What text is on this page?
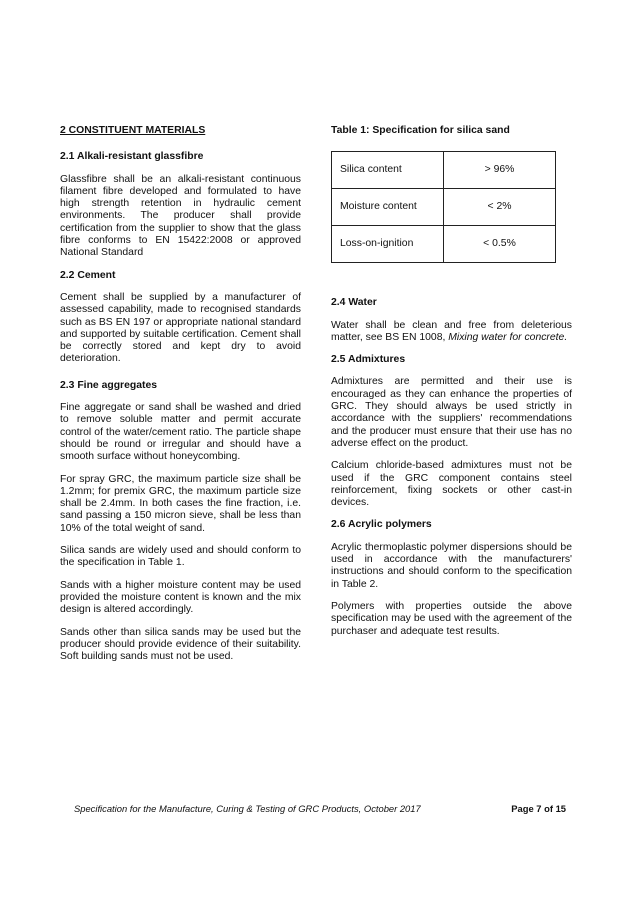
2 CONSTITUENT MATERIALS
2.1 Alkali-resistant glassfibre

Glassfibre shall be an alkali-resistant continuous filament fibre developed and formulated to have high strength retention in hydraulic cement environments. The producer shall provide certification from the supplier to show that the glass fibre conforms to EN 15422:2008 or approved National Standard

2.2 Cement

Cement shall be supplied by a manufacturer of assessed capability, made to recognised standards such as BS EN 197 or appropriate national standard and supported by suitable certification. Cement shall be correctly stored and kept dry to avoid deterioration.

2.3 Fine aggregates

Fine aggregate or sand shall be washed and dried to remove soluble matter and permit accurate control of the water/cement ratio. The particle shape should be round or irregular and should have a smooth surface without honeycombing.

For spray GRC, the maximum particle size shall be 1.2mm; for premix GRC, the maximum particle size shall be 2.4mm. In both cases the fine fraction, i.e. sand passing a 150 micron sieve, shall be less than 10% of the total weight of sand.

Silica sands are widely used and should conform to the specification in Table 1.

Sands with a higher moisture content may be used provided the moisture content is known and the mix design is altered accordingly.

Sands other than silica sands may be used but the producer should provide evidence of their suitability. Soft building sands must not be used.

Table 1: Specification for silica sand
Silica content	> 96%
Moisture content	< 2%
Loss-on-ignition	< 0.5%
2.4 Water

Water shall be clean and free from deleterious matter, see BS EN 1008, Mixing water for concrete.

2.5 Admixtures

Admixtures are permitted and their use is encouraged as they can enhance the properties of GRC. They should always be used strictly in accordance with the suppliers' recommendations and the producer must ensure that their use has no adverse effect on the product.

Calcium chloride-based admixtures must not be used if the GRC component contains steel reinforcement, fixing sockets or other cast-in devices.

2.6 Acrylic polymers

Acrylic thermoplastic polymer dispersions should be used in accordance with the manufacturers' instructions and should conform to the specification in Table 2.

Polymers with properties outside the above specification may be used with the agreement of the purchaser and adequate test results.

Specification for the Manufacture, Curing & Testing of GRC Products, October 2017	Page 7 of 15
